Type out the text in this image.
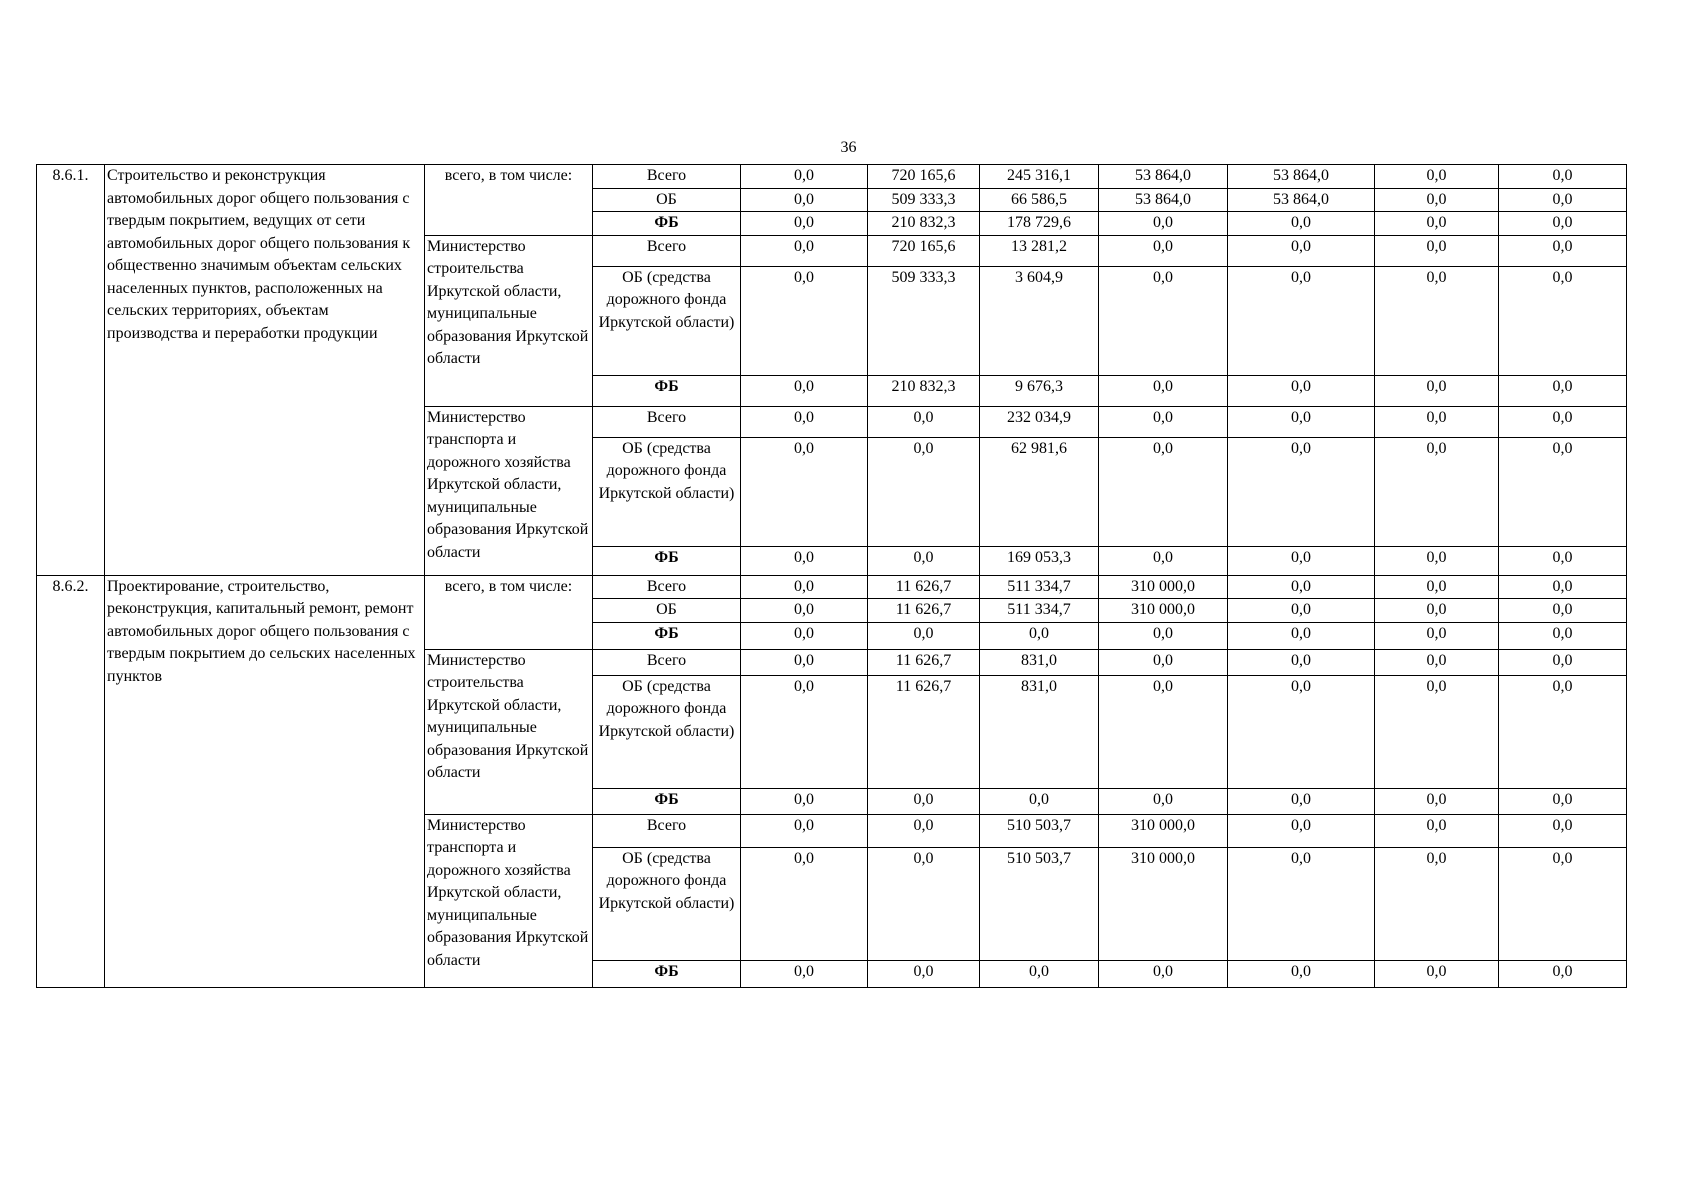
36
8.6.1.	Строительство и реконструкция автомобильных дорог общего пользования с твердым покрытием, ведущих от сети автомобильных дорог общего пользования к общественно значимым объектам сельских населенных пунктов, расположенных на сельских территориях, объектам производства и переработки продукции	всего, в том числе:	Всего	0,0	720 165,6	245 316,1	53 864,0	53 864,0	0,0	0,0
			ОБ	0,0	509 333,3	66 586,5	53 864,0	53 864,0	0,0	0,0
			ФБ	0,0	210 832,3	178 729,6	0,0	0,0	0,0	0,0
		Министерство строительства Иркутской области, муниципальные образования Иркутской области	Всего	0,0	720 165,6	13 281,2	0,0	0,0	0,0	0,0
			ОБ (средства дорожного фонда Иркутской области)	0,0	509 333,3	3 604,9	0,0	0,0	0,0	0,0
			ФБ	0,0	210 832,3	9 676,3	0,0	0,0	0,0	0,0
		Министерство транспорта и дорожного хозяйства Иркутской области, муниципальные образования Иркутской области	Всего	0,0	0,0	232 034,9	0,0	0,0	0,0	0,0
			ОБ (средства дорожного фонда Иркутской области)	0,0	0,0	62 981,6	0,0	0,0	0,0	0,0
			ФБ	0,0	0,0	169 053,3	0,0	0,0	0,0	0,0
8.6.2.	Проектирование, строительство, реконструкция, капитальный ремонт, ремонт автомобильных дорог общего пользования с твердым покрытием до сельских населенных пунктов	всего, в том числе:	Всего	0,0	11 626,7	511 334,7	310 000,0	0,0	0,0	0,0
			ОБ	0,0	11 626,7	511 334,7	310 000,0	0,0	0,0	0,0
			ФБ	0,0	0,0	0,0	0,0	0,0	0,0	0,0
		Министерство строительства Иркутской области, муниципальные образования Иркутской области	Всего	0,0	11 626,7	831,0	0,0	0,0	0,0	0,0
			ОБ (средства дорожного фонда Иркутской области)	0,0	11 626,7	831,0	0,0	0,0	0,0	0,0
			ФБ	0,0	0,0	0,0	0,0	0,0	0,0	0,0
		Министерство транспорта и дорожного хозяйства Иркутской области, муниципальные образования Иркутской области	Всего	0,0	0,0	510 503,7	310 000,0	0,0	0,0	0,0
			ОБ (средства дорожного фонда Иркутской области)	0,0	0,0	510 503,7	310 000,0	0,0	0,0	0,0
			ФБ	0,0	0,0	0,0	0,0	0,0	0,0	0,0
